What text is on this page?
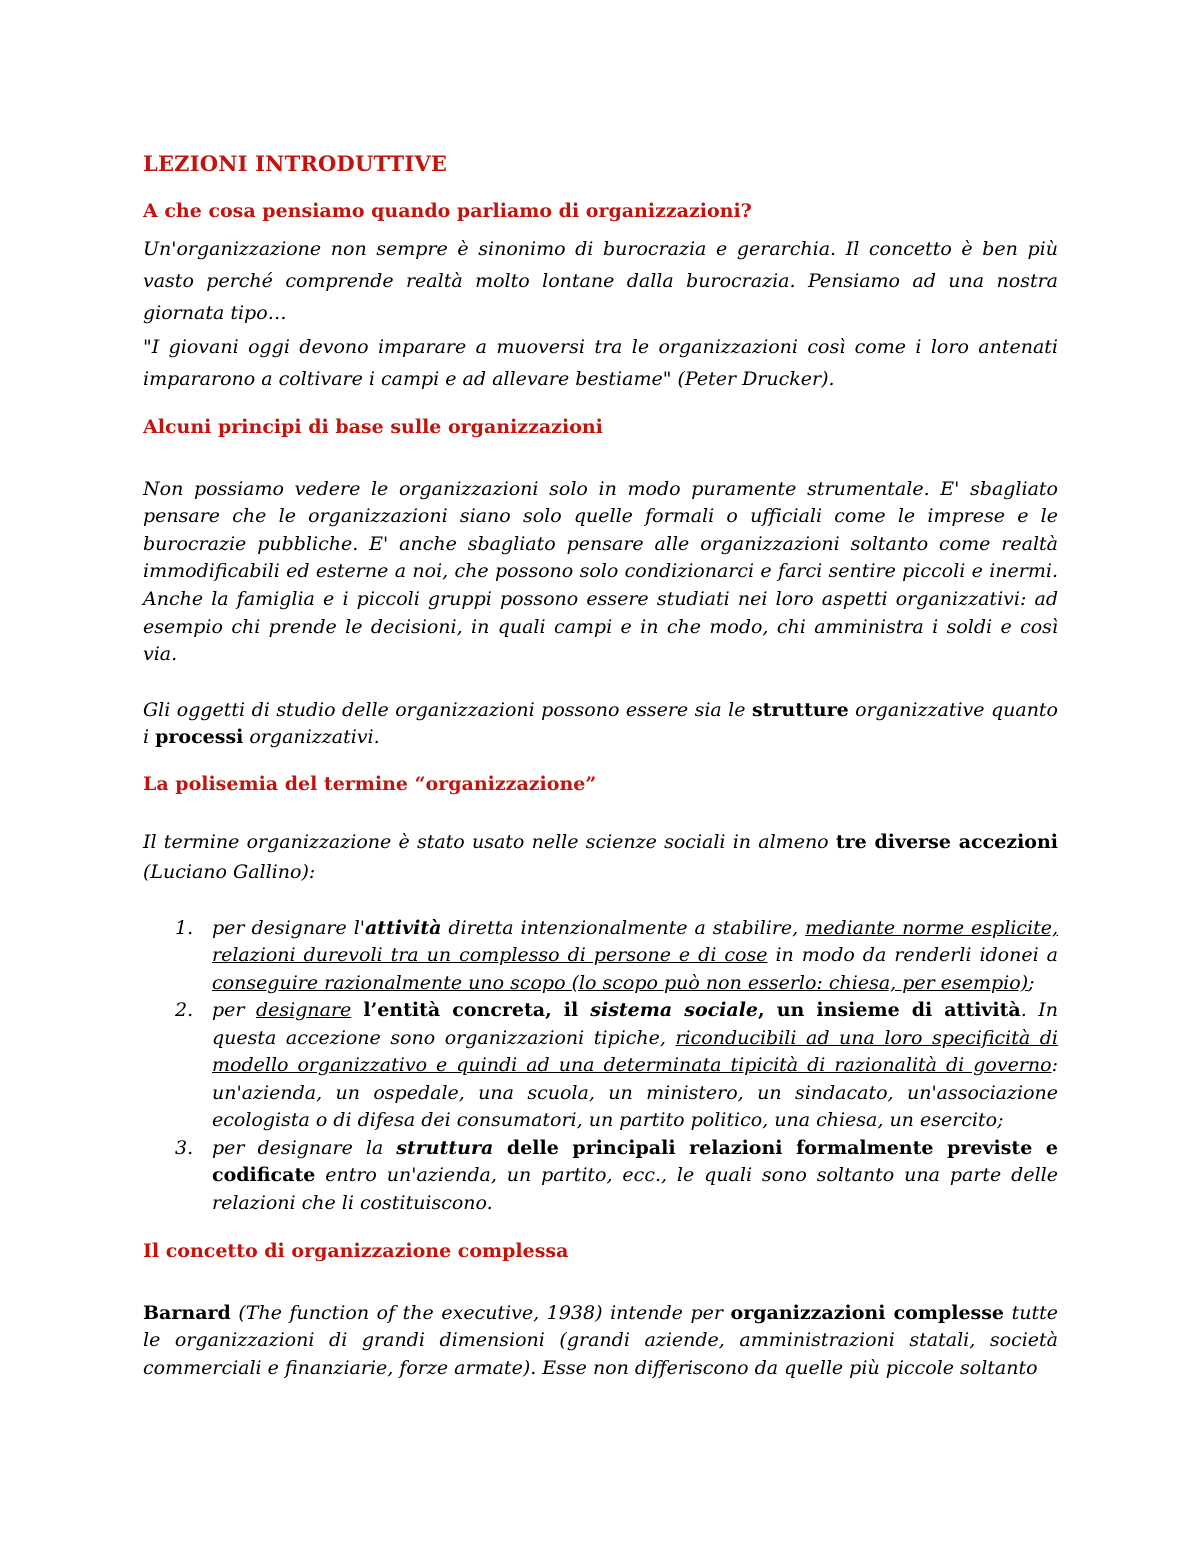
LEZIONI INTRODUTTIVE
A che cosa pensiamo quando parliamo di organizzazioni?

Un'organizzazione non sempre è sinonimo di burocrazia e gerarchia. Il concetto è ben più vasto perché comprende realtà molto lontane dalla burocrazia. Pensiamo ad una nostra giornata tipo…

"I giovani oggi devono imparare a muoversi tra le organizzazioni così come i loro antenati impararono a coltivare i campi e ad allevare bestiame" (Peter Drucker).

Alcuni principi di base sulle organizzazioni

Non possiamo vedere le organizzazioni solo in modo puramente strumentale. E' sbagliato pensare che le organizzazioni siano solo quelle formali o ufficiali come le imprese e le burocrazie pubbliche. E' anche sbagliato pensare alle organizzazioni soltanto come realtà immodificabili ed esterne a noi, che possono solo condizionarci e farci sentire piccoli e inermi. Anche la famiglia e i piccoli gruppi possono essere studiati nei loro aspetti organizzativi: ad esempio chi prende le decisioni, in quali campi e in che modo, chi amministra i soldi e così via.

Gli oggetti di studio delle organizzazioni possono essere sia le strutture organizzative quanto i processi organizzativi.

La polisemia del termine “organizzazione”

Il termine organizzazione è stato usato nelle scienze sociali in almeno tre diverse accezioni (Luciano Gallino):

1. per designare l'attività diretta intenzionalmente a stabilire, mediante norme esplicite, relazioni durevoli tra un complesso di persone e di cose in modo da renderli idonei a conseguire razionalmente uno scopo (lo scopo può non esserlo: chiesa, per esempio);
2. per designare l’entità concreta, il sistema sociale, un insieme di attività. In questa accezione sono organizzazioni tipiche, riconducibili ad una loro specificità di modello organizzativo e quindi ad una determinata tipicità di razionalità di governo: un'azienda, un ospedale, una scuola, un ministero, un sindacato, un'associazione ecologista o di difesa dei consumatori, un partito politico, una chiesa, un esercito;
3. per designare la struttura delle principali relazioni formalmente previste e codificate entro un'azienda, un partito, ecc., le quali sono soltanto una parte delle relazioni che li costituiscono.
Il concetto di organizzazione complessa

Barnard (The function of the executive, 1938) intende per organizzazioni complesse tutte le organizzazioni di grandi dimensioni (grandi aziende, amministrazioni statali, società commerciali e finanziarie, forze armate). Esse non differiscono da quelle più piccole soltanto
